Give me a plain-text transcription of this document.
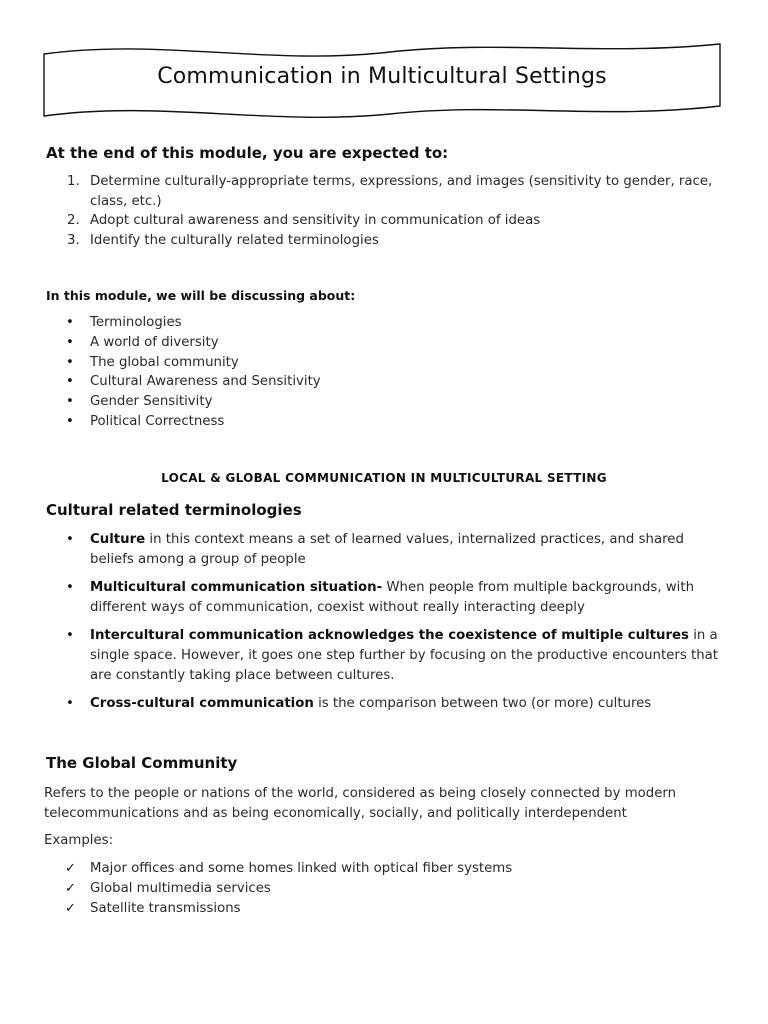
Communication in Multicultural Settings
At the end of this module, you are expected to:
1. Determine culturally-appropriate terms, expressions, and images (sensitivity to gender, race, class, etc.)
2. Adopt cultural awareness and sensitivity in communication of ideas
3. Identify the culturally related terminologies
In this module, we will be discussing about:
• Terminologies
• A world of diversity
• The global community
• Cultural Awareness and Sensitivity
• Gender Sensitivity
• Political Correctness
LOCAL & GLOBAL COMMUNICATION IN MULTICULTURAL SETTING
Cultural related terminologies
• Culture in this context means a set of learned values, internalized practices, and shared beliefs among a group of people
• Multicultural communication situation- When people from multiple backgrounds, with different ways of communication, coexist without really interacting deeply
• Intercultural communication acknowledges the coexistence of multiple cultures in a single space. However, it goes one step further by focusing on the productive encounters that are constantly taking place between cultures.
• Cross-cultural communication is the comparison between two (or more) cultures
The Global Community
Refers to the people or nations of the world, considered as being closely connected by modern telecommunications and as being economically, socially, and politically interdependent
Examples:
✓ Major offices and some homes linked with optical fiber systems
✓ Global multimedia services
✓ Satellite transmissions
